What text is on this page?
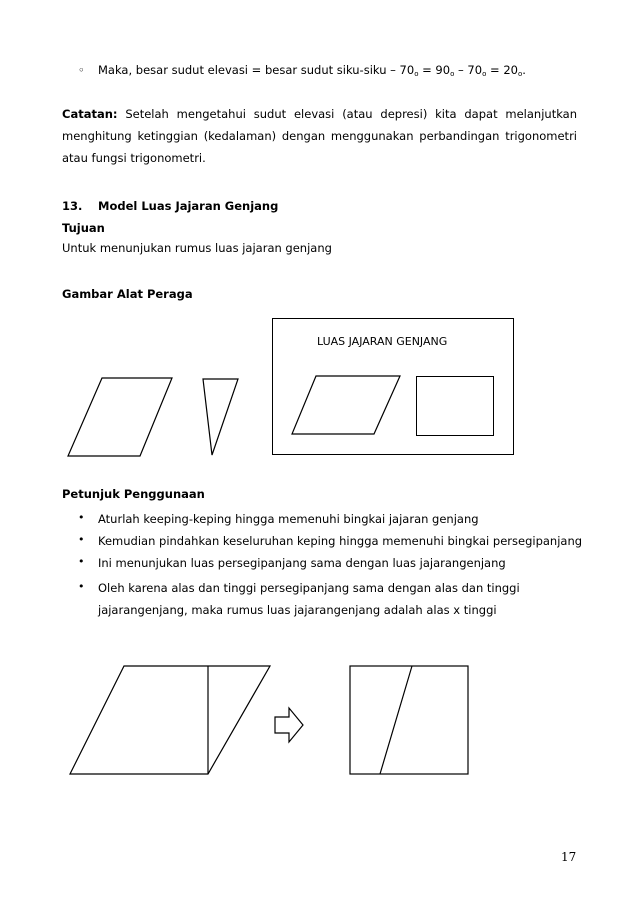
◦ Maka, besar sudut elevasi = besar sudut siku-siku – $70_o = 90_o - 70_o = 20_o$.
Catatan: Setelah mengetahui sudut elevasi (atau depresi) kita dapat melanjutkan menghitung ketinggian (kedalaman) dengan menggunakan perbandingan trigonometri atau fungsi trigonometri.
13. Model Luas Jajaran Genjang
Tujuan
Untuk menunjukan rumus luas jajaran genjang
Gambar Alat Peraga
LUAS JAJARAN GENJANG
Petunjuk Penggunaan
• Aturlah keeping-keping hingga memenuhi bingkai jajaran genjang
• Kemudian pindahkan keseluruhan keping hingga memenuhi bingkai persegipanjang
• Ini menunjukan luas persegipanjang sama dengan luas jajarangenjang
• Oleh karena alas dan tinggi persegipanjang sama dengan alas dan tinggi
jajarangenjang, maka rumus luas jajarangenjang adalah alas x tinggi
17
